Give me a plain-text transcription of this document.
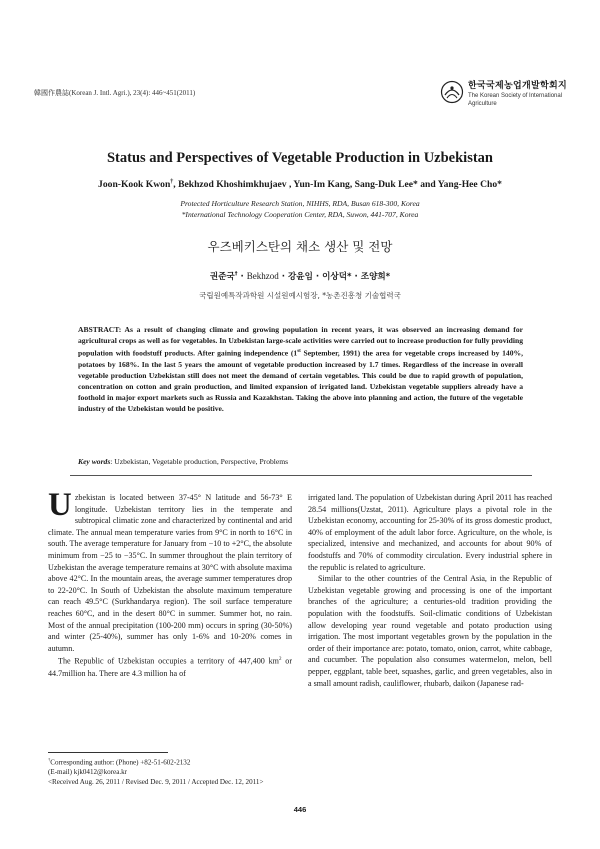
韓國作農誌(Korean J. Intl. Agri.), 23(4): 446~451(2011)
한국국제농업개발학회지
The Korean Society of International Agriculture
Status and Perspectives of Vegetable Production in Uzbekistan
Joon-Kook Kwon†, Bekhzod Khoshimkhujaev , Yun-Im Kang, Sang-Duk Lee* and Yang-Hee Cho*
Protected Horticulture Research Station, NIHHS, RDA, Busan 618-300, Korea
*International Technology Cooperation Center, RDA, Suwon, 441-707, Korea
우즈베키스탄의 채소 생산 및 전망
권준국† · Bekhzod · 강윤임 · 이상덕* · 조양희*
국립원예특작과학원 시설원예시험장, *농촌진흥청 기술협력국
ABSTRACT: As a result of changing climate and growing population in recent years, it was observed an increasing demand for agricultural crops as well as for vegetables. In Uzbekistan large-scale activities were carried out to increase production for fully providing population with foodstuff products. After gaining independence (1st September, 1991) the area for vegetable crops increased by 140%, potatoes by 168%. In the last 5 years the amount of vegetable production increased by 1.7 times. Regardless of the increase in overall vegetable production Uzbekistan still does not meet the demand of certain vegetables. This could be due to rapid growth of population, concentration on cotton and grain production, and limited expansion of irrigated land. Uzbekistan vegetable suppliers already have a foothold in major export markets such as Russia and Kazakhstan. Taking the above into planning and action, the future of the vegetable industry of the Uzbekistan would be positive.
Key words: Uzbekistan, Vegetable production, Perspective, Problems

Uzbekistan is located between 37-45° N latitude and 56-73° E longitude. Uzbekistan territory lies in the temperate and subtropical climatic zone and characterized by continental and arid climate. The annual mean temperature varies from 9°C in north to 16°C in south. The average temperature for January from −10 to +2°C, the absolute minimum from −25 to −35°C. In summer throughout the plain territory of Uzbekistan the average temperature remains at 30°C with absolute maxima above 42°C. In the mountain areas, the average summer temperatures drop to 22-20°C. In South of Uzbekistan the absolute maximum temperature can reach 49.5°C (Surkhandarya region). The soil surface temperature reaches 60°C, and in the desert 80°C in summer. Summer hot, no rain. Most of the annual precipitation (100-200 mm) occurs in spring (30-50%) and winter (25-40%), summer has only 1-6% and 10-20% comes in autumn.

The Republic of Uzbekistan occupies a territory of 447,400 $km^2$ or 44.7million ha. There are 4.3 million ha of

irrigated land. The population of Uzbekistan during April 2011 has reached 28.54 millions(Uzstat, 2011). Agriculture plays a pivotal role in the Uzbekistan economy, accounting for 25-30% of its gross domestic product, 40% of employment of the adult labor force. Agriculture, on the whole, is specialized, intensive and mechanized, and accounts for about 90% of foodstuffs and 70% of commodity circulation. Every industrial sphere in the republic is related to agriculture.

Similar to the other countries of the Central Asia, in the Republic of Uzbekistan vegetable growing and processing is one of the important branches of the agriculture; a centuries-old tradition providing the population with the foodstuffs. Soil-climatic conditions of Uzbekistan allow developing year round vegetable and potato production using irrigation. The most important vegetables grown by the population in the order of their importance are: potato, tomato, onion, carrot, white cabbage, and cucumber. The population also consumes watermelon, melon, bell pepper, eggplant, table beet, squashes, garlic, and green vegetables, also in a small amount radish, cauliflower, rhubarb, daikon (Japanese rad-

†Corresponding author: (Phone) +82-51-602-2132
(E-mail) kjk0412@korea.kr
<Received Aug. 26, 2011 / Revised Dec. 9, 2011 / Accepted Dec. 12, 2011>
446
